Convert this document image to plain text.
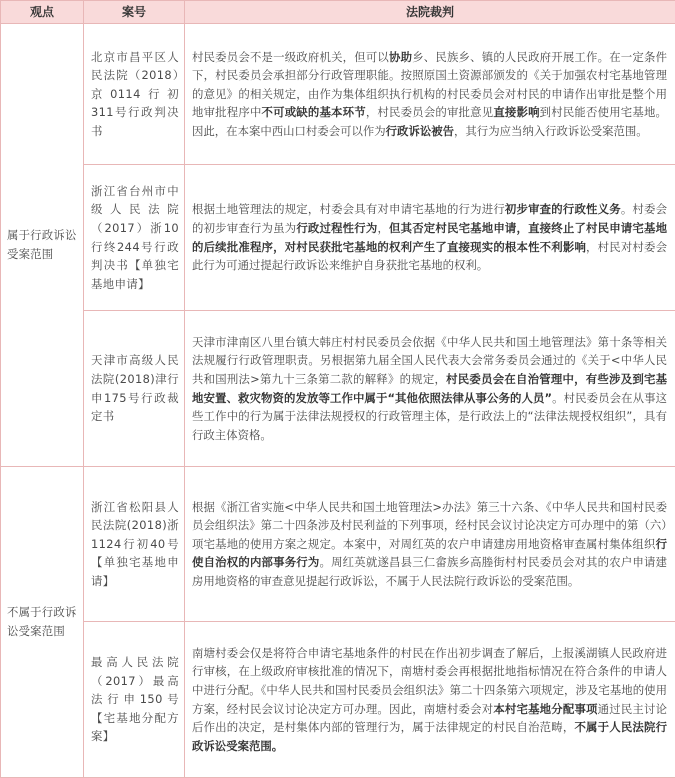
观点	案号	法院裁判
属于行政诉讼受案范围	北京市昌平区人民法院（2018）京0114行初311号行政判决书	村民委员会不是一级政府机关，但可以协助乡、民族乡、镇的人民政府开展工作。在一定条件下，村民委员会承担部分行政管理职能。按照原国土资源部颁发的《关于加强农村宅基地管理的意见》的相关规定，由作为集体组织执行机构的村民委员会对村民的申请作出审批是整个用地审批程序中不可或缺的基本环节，村民委员会的审批意见直接影响到村民能否使用宅基地。因此，在本案中西山口村委会可以作为行政诉讼被告，其行为应当纳入行政诉讼受案范围。
	浙江省台州市中级人民法院（2017）浙10行终244号行政判决书【单独宅基地申请】	根据土地管理法的规定，村委会具有对申请宅基地的行为进行初步审查的行政性义务。村委会的初步审查行为虽为行政过程性行为，但其否定村民宅基地申请，直接终止了村民申请宅基地的后续批准程序，对村民获批宅基地的权利产生了直接现实的根本性不利影响，村民对村委会此行为可通过提起行政诉讼来维护自身获批宅基地的权利。
	天津市高级人民法院(2018)津行申175号行政裁定书	天津市津南区八里台镇大韩庄村村民委员会依据《中华人民共和国土地管理法》第十条等相关法规履行行政管理职责。另根据第九届全国人民代表大会常务委员会通过的《关于<中华人民共和国刑法>第九十三条第二款的解释》的规定，村民委员会在自治管理中，有些涉及到宅基地安置、救灾物资的发放等工作中属于“其他依照法律从事公务的人员”。村民委员会在从事这些工作中的行为属于法律法规授权的行政管理主体，是行政法上的“法律法规授权组织”，具有行政主体资格。
不属于行政诉讼受案范围	浙江省松阳县人民法院(2018)浙1124行初40号【单独宅基地申请】	根据《浙江省实施<中华人民共和国土地管理法>办法》第三十六条、《中华人民共和国村民委员会组织法》第二十四条涉及村民利益的下列事项，经村民会议讨论决定方可办理中的第（六）项宅基地的使用方案之规定。本案中，对周红英的农户申请建房用地资格审查属村集体组织行使自治权的内部事务行为。周红英就遂昌县三仁畲族乡高塍街村村民委员会对其的农户申请建房用地资格的审查意见提起行政诉讼，不属于人民法院行政诉讼的受案范围。
	最高人民法院（2017）最高法行申150号【宅基地分配方案】	南塘村委会仅是将符合申请宅基地条件的村民在作出初步调查了解后，上报溪湖镇人民政府进行审核，在上级政府审核批准的情况下，南塘村委会再根据批地指标情况在符合条件的申请人中进行分配。《中华人民共和国村民委员会组织法》第二十四条第六项规定，涉及宅基地的使用方案，经村民会议讨论决定方可办理。因此，南塘村委会对本村宅基地分配事项通过民主讨论后作出的决定，是村集体内部的管理行为，属于法律规定的村民自治范畴，不属于人民法院行政诉讼受案范围。
